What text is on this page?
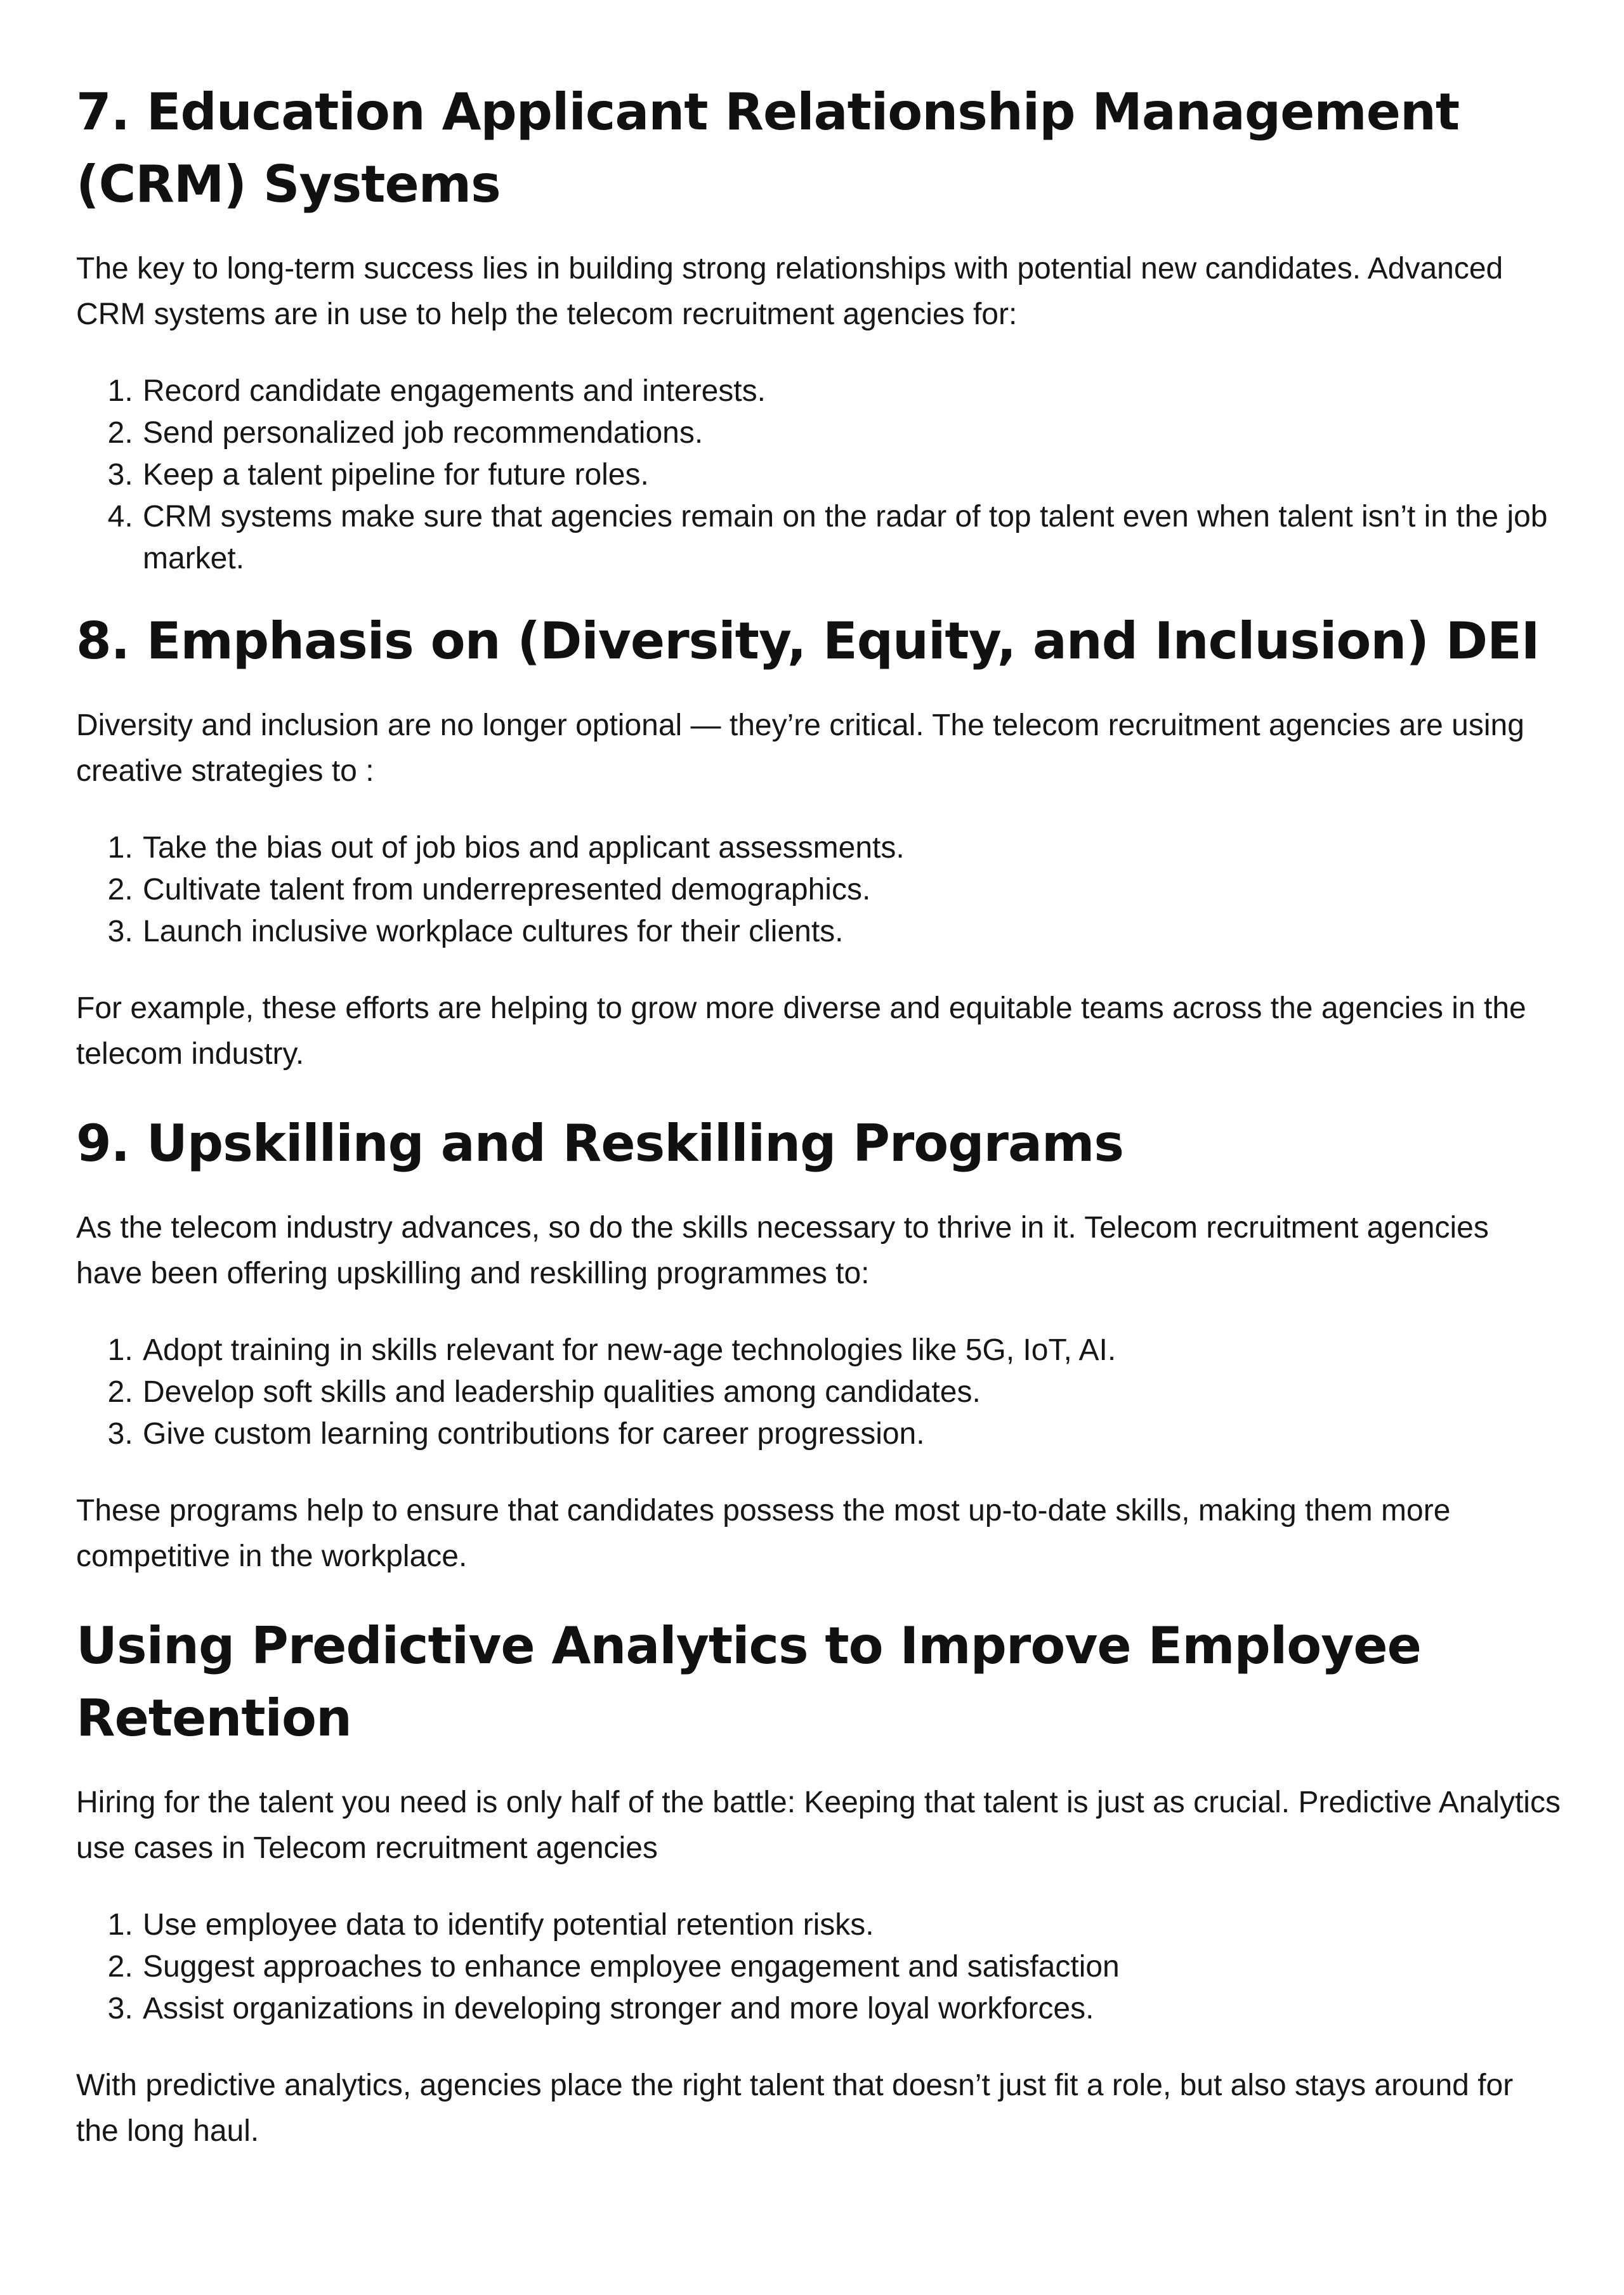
7. Education Applicant Relationship Management (CRM) Systems

The key to long-term success lies in building strong relationships with potential new candidates. Advanced CRM systems are in use to help the telecom recruitment agencies for:

1. Record candidate engagements and interests.
2. Send personalized job recommendations.
3. Keep a talent pipeline for future roles.
4. CRM systems make sure that agencies remain on the radar of top talent even when talent isn’t in the job market.
8. Emphasis on (Diversity, Equity, and Inclusion) DEI

Diversity and inclusion are no longer optional — they’re critical. The telecom recruitment agencies are using creative strategies to :

1. Take the bias out of job bios and applicant assessments.
2. Cultivate talent from underrepresented demographics.
3. Launch inclusive workplace cultures for their clients.

For example, these efforts are helping to grow more diverse and equitable teams across the agencies in the telecom industry.

9. Upskilling and Reskilling Programs

As the telecom industry advances, so do the skills necessary to thrive in it. Telecom recruitment agencies have been offering upskilling and reskilling programmes to:

1. Adopt training in skills relevant for new-age technologies like 5G, IoT, AI.
2. Develop soft skills and leadership qualities among candidates.
3. Give custom learning contributions for career progression.

These programs help to ensure that candidates possess the most up-to-date skills, making them more competitive in the workplace.

Using Predictive Analytics to Improve Employee Retention

Hiring for the talent you need is only half of the battle: Keeping that talent is just as crucial. Predictive Analytics use cases in Telecom recruitment agencies

1. Use employee data to identify potential retention risks.
2. Suggest approaches to enhance employee engagement and satisfaction
3. Assist organizations in developing stronger and more loyal workforces.

With predictive analytics, agencies place the right talent that doesn’t just fit a role, but also stays around for the long haul.
